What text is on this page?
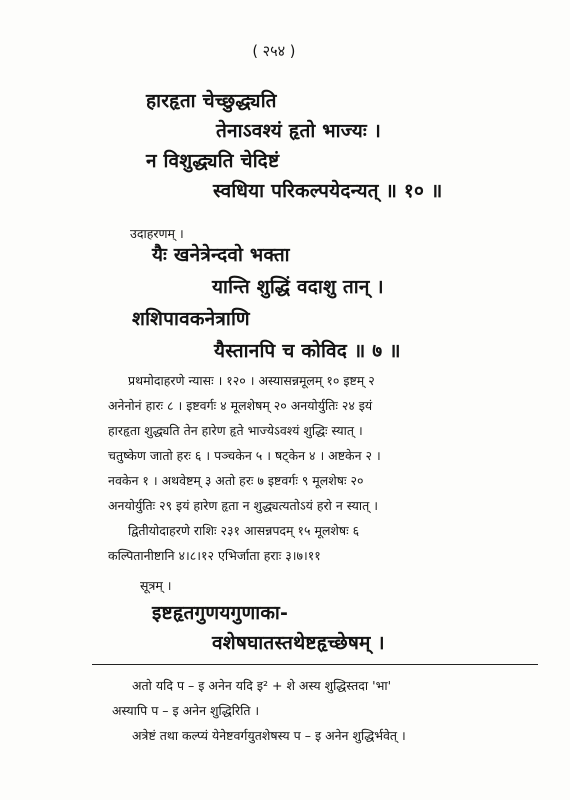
( २५४ )
हारहृता चेच्छुद्ध्यति
तेनाऽवश्यं हृतो भाज्यः ।
न विशुद्ध्यति चेदिष्टं
स्वधिया परिकल्पयेदन्यत् ॥ १० ॥
उदाहरणम् ।
यैः खनेत्रेन्दवो भक्ता
यान्ति शुद्धिं वदाशु तान् ।
शशिपावकनेत्राणि
यैस्तानपि च कोविद ॥ ७ ॥
प्रथमोदाहरणे न्यासः । १२० । अस्यासन्नमूलम् १० इष्टम् २
अनेनोनं हारः ८ । इष्टवर्गः ४ मूलशेषम् २० अनयोर्युतिः २४ इयं
हारहृता शुद्ध्यति तेन हारेण हृते भाज्येऽवश्यं शुद्धिः स्यात् ।
चतुष्केण जातो हरः ६ । पञ्चकेन ५ । षट्केन ४ । अष्टकेन २ ।
नवकेन १ । अथवेष्टम् ३ अतो हरः ७ इष्टवर्गः ९ मूलशेषः २०
अनयोर्युतिः २९ इयं हारेण हृता न शुद्ध्यत्यतोऽयं हरो न स्यात् ।
द्वितीयोदाहरणे राशिः २३१ आसन्नपदम् १५ मूलशेषः ६
कल्पितानीष्टानि ४।८।१२ एभिर्जाता हराः ३।७।११
सूत्रम् ।
इष्टहृतगुणयगुणाका-
वशेषघातस्तथेष्टहृच्छेषम् ।
अतो यदि प – इ अनेन यदि इ² + शे अस्य शुद्धिस्तदा 'भा'
अस्यापि प – इ अनेन शुद्धिरिति ।
अत्रेष्टं तथा कल्प्यं येनेष्टवर्गयुतशेषस्य प – इ अनेन शुद्धिर्भवेत् ।
